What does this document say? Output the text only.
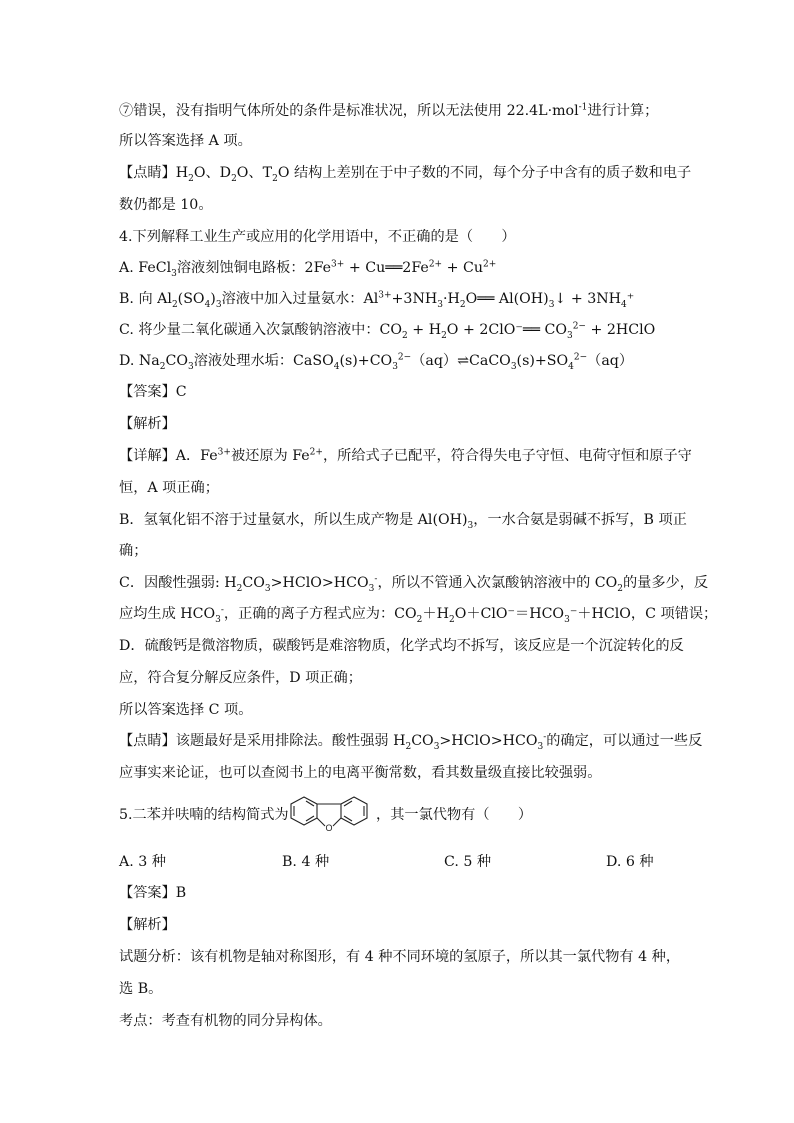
⑦错误，没有指明气体所处的条件是标准状况，所以无法使用 22.4L·mol$^{-1}$进行计算；
所以答案选择 A 项。
【点睛】$H_2O$、$D_2O$、$T_2O$ 结构上差别在于中子数的不同，每个分子中含有的质子数和电子
数仍都是 10。
4.下列解释工业生产或应用的化学用语中，不正确的是（　　）
A. FeCl$_3$溶液刻蚀铜电路板：$2Fe^{3+}$ + $Cu══2Fe^{2+} + Cu^{2+}$
B. 向 $Al_2(SO_4)_3$溶液中加入过量氨水：$Al^{3+}+3NH_3\cdot H_2O══$ $Al(OH)_3↓ + 3NH_4^+$
C. 将少量二氧化碳通入次氯酸钠溶液中：$CO_2 + H_2O$ + 2ClO⁻══ $CO_3^{2-}$ + 2HClO
D. $Na_2CO_3$溶液处理水垢：$CaSO_4(s)+CO_3^{2-}(aq)\rightleftharpoons CaCO_3(s)+SO_4^{2-}(aq)$
【答案】C
【解析】
【详解】A．$Fe^{3+}$被还原为 $Fe^{2+}$，所给式子已配平，符合得失电子守恒、电荷守恒和原子守
恒，A 项正确；
B．氢氧化铝不溶于过量氨水，所以生成产物是 $Al(OH)_3$，一水合氨是弱碱不拆写，B 项正
确；
C．因酸性强弱: $H_2CO_3>HClO>HCO_3^-$，所以不管通入次氯酸钠溶液中的 $CO_2$的量多少，反
应均生成 $HCO_3^-$，正确的离子方程式应为：$CO_2+H_2O+ClO^-=HCO_3^-+HClO$，C 项错误；
D．硫酸钙是微溶物质，碳酸钙是难溶物质，化学式均不拆写，该反应是一个沉淀转化的反
应，符合复分解反应条件，D 项正确；
所以答案选择 C 项。
【点睛】该题最好是采用排除法。酸性强弱 $H_2CO_3>HClO>HCO_3^-$的确定，可以通过一些反
应事实来论证，也可以查阅书上的电离平衡常数，看其数量级直接比较强弱。
5.二苯并呋喃的结构简式为
O
，其一氯代物有（　　）
A. 3 种	B. 4 种	C. 5 种	D. 6 种
【答案】B
【解析】
试题分析：该有机物是轴对称图形，有 4 种不同环境的氢原子，所以其一氯代物有 4 种，
选 B。
考点：考查有机物的同分异构体。
